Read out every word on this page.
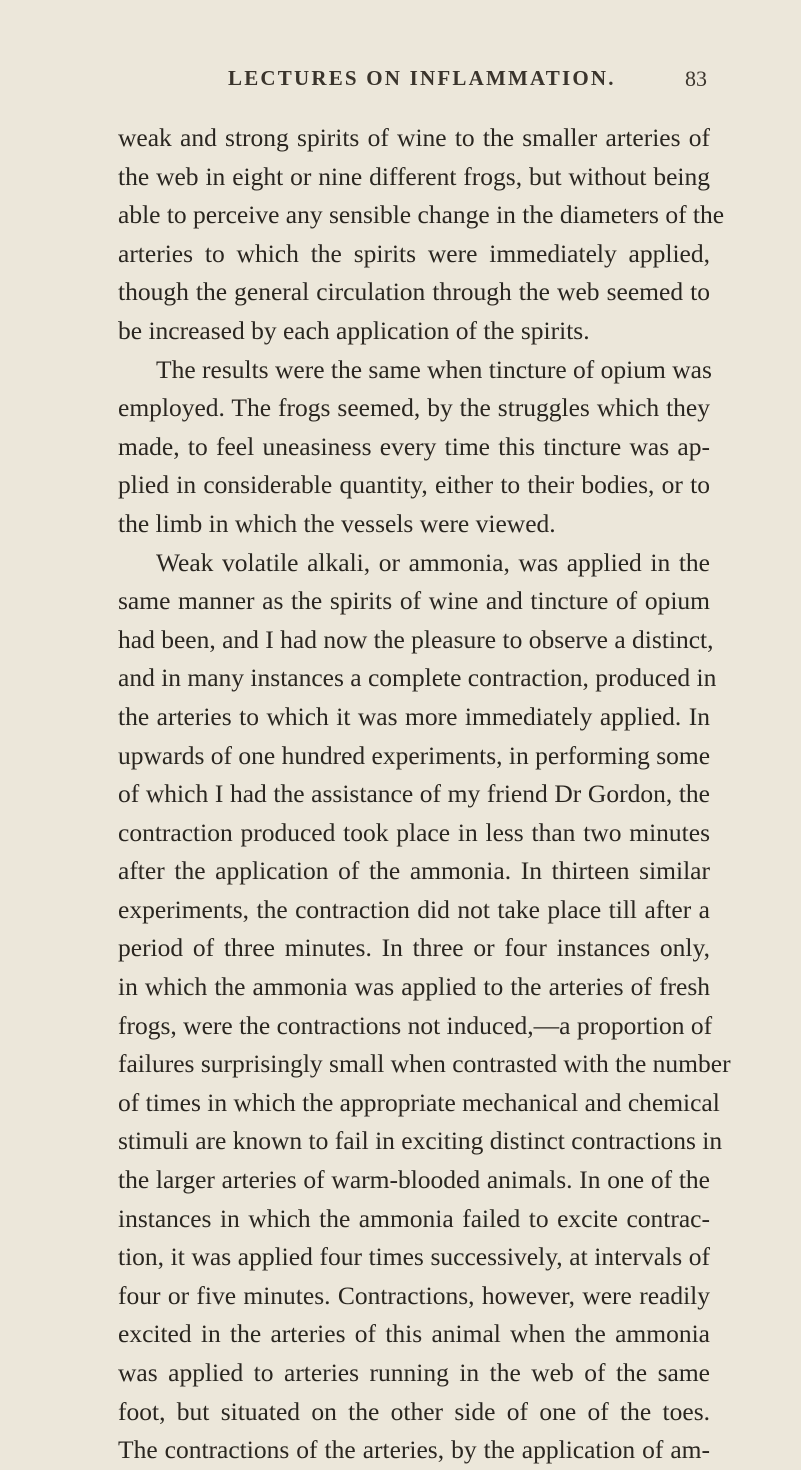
LECTURES ON INFLAMMATION.	83
weak and strong spirits of wine to the smaller arteries of
the web in eight or nine different frogs, but without being
able to perceive any sensible change in the diameters of the
arteries to which the spirits were immediately applied,
though the general circulation through the web seemed to
be increased by each application of the spirits.
The results were the same when tincture of opium was
employed. The frogs seemed, by the struggles which they
made, to feel uneasiness every time this tincture was ap-
plied in considerable quantity, either to their bodies, or to
the limb in which the vessels were viewed.
Weak volatile alkali, or ammonia, was applied in the
same manner as the spirits of wine and tincture of opium
had been, and I had now the pleasure to observe a distinct,
and in many instances a complete contraction, produced in
the arteries to which it was more immediately applied. In
upwards of one hundred experiments, in performing some
of which I had the assistance of my friend Dr Gordon, the
contraction produced took place in less than two minutes
after the application of the ammonia. In thirteen similar
experiments, the contraction did not take place till after a
period of three minutes. In three or four instances only,
in which the ammonia was applied to the arteries of fresh
frogs, were the contractions not induced,—a proportion of
failures surprisingly small when contrasted with the number
of times in which the appropriate mechanical and chemical
stimuli are known to fail in exciting distinct contractions in
the larger arteries of warm-blooded animals. In one of the
instances in which the ammonia failed to excite contrac-
tion, it was applied four times successively, at intervals of
four or five minutes. Contractions, however, were readily
excited in the arteries of this animal when the ammonia
was applied to arteries running in the web of the same
foot, but situated on the other side of one of the toes.
The contractions of the arteries, by the application of am-
